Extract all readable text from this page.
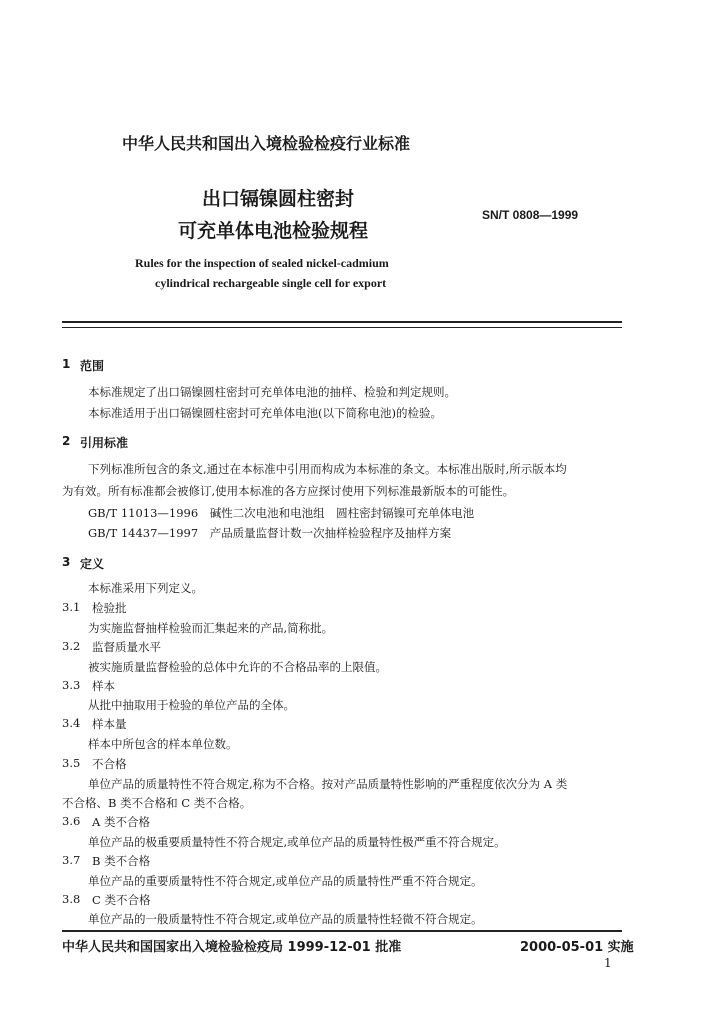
中华人民共和国出入境检验检疫行业标准
出口镉镍圆柱密封
可充单体电池检验规程
SN/T 0808—1999
Rules for the inspection of sealed nickel-cadmium
cylindrical rechargeable single cell for export
1 范围
本标准规定了出口镉镍圆柱密封可充单体电池的抽样、检验和判定规则。
本标准适用于出口镉镍圆柱密封可充单体电池(以下简称电池)的检验。
2 引用标准
下列标准所包含的条文,通过在本标准中引用而构成为本标准的条文。本标准出版时,所示版本均
为有效。所有标准都会被修订,使用本标准的各方应探讨使用下列标准最新版本的可能性。
GB/T 11013—1996　碱性二次电池和电池组　圆柱密封镉镍可充单体电池
GB/T 14437—1997　产品质量监督计数一次抽样检验程序及抽样方案
3 定义
本标准采用下列定义。
3.1 检验批
为实施监督抽样检验而汇集起来的产品,简称批。
3.2 监督质量水平
被实施质量监督检验的总体中允许的不合格品率的上限值。
3.3 样本
从批中抽取用于检验的单位产品的全体。
3.4 样本量
样本中所包含的样本单位数。
3.5 不合格
单位产品的质量特性不符合规定,称为不合格。按对产品质量特性影响的严重程度依次分为 A 类
不合格、B 类不合格和 C 类不合格。
3.6 A 类不合格
单位产品的极重要质量特性不符合规定,或单位产品的质量特性极严重不符合规定。
3.7 B 类不合格
单位产品的重要质量特性不符合规定,或单位产品的质量特性严重不符合规定。
3.8 C 类不合格
单位产品的一般质量特性不符合规定,或单位产品的质量特性轻微不符合规定。
中华人民共和国国家出入境检验检疫局 1999-12-01 批准	2000-05-01 实施
1
